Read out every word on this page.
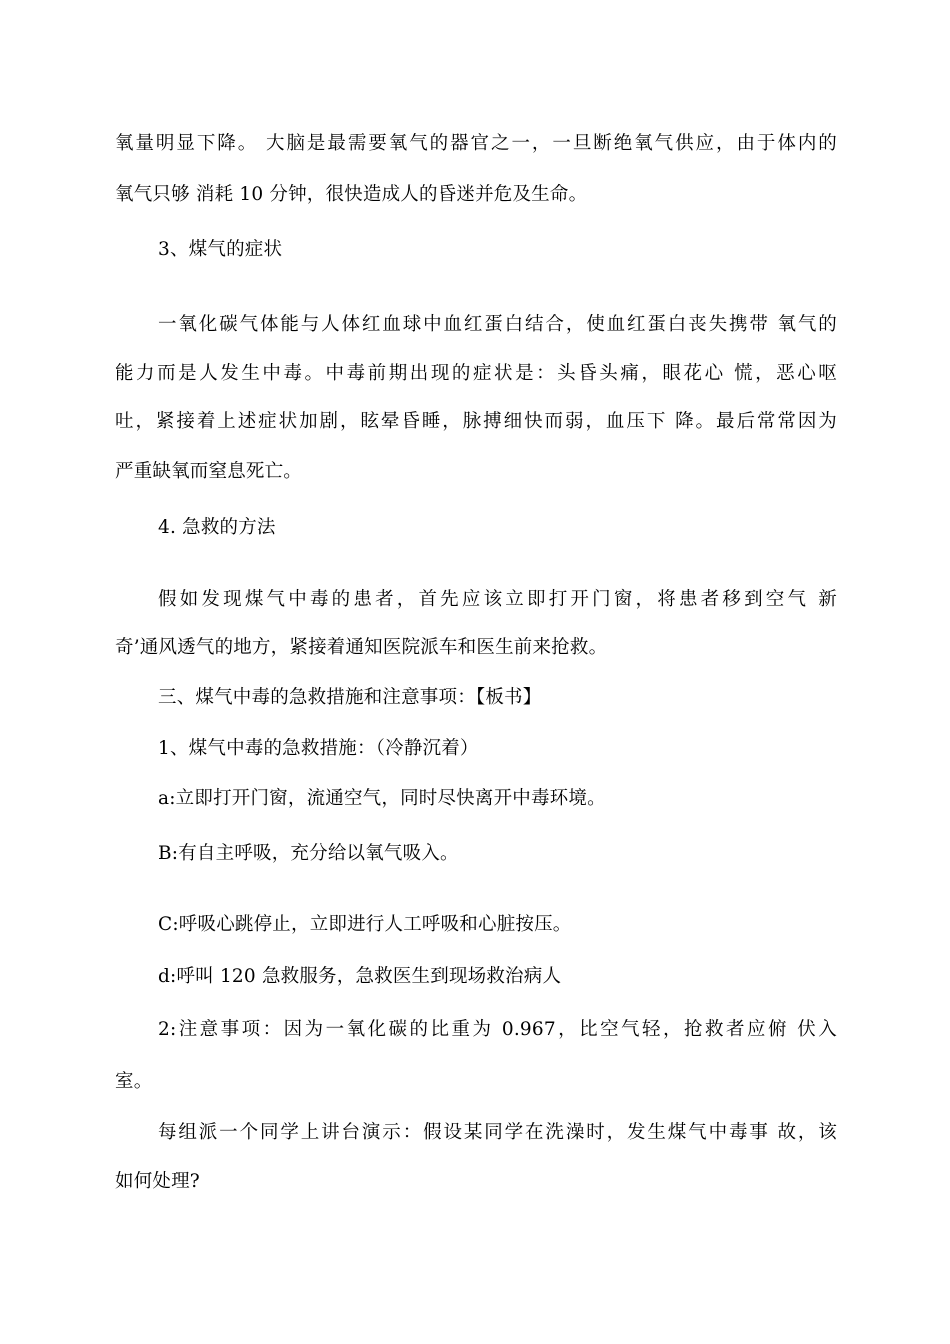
氧量明显下降。 大脑是最需要氧气的器官之一，一旦断绝氧气供应，由于体内的
氧气只够 消耗 10 分钟，很快造成人的昏迷并危及生命。
3、煤气的症状
一氧化碳气体能与人体红血球中血红蛋白结合，使血红蛋白丧失携带 氧气的
能力而是人发生中毒。中毒前期出现的症状是：头昏头痛，眼花心 慌，恶心呕
吐，紧接着上述症状加剧，眩晕昏睡，脉搏细快而弱，血压下 降。最后常常因为
严重缺氧而窒息死亡。
4. 急救的方法
假如发现煤气中毒的患者，首先应该立即打开门窗，将患者移到空气 新
奇’通风透气的地方，紧接着通知医院派车和医生前来抢救。
三、煤气中毒的急救措施和注意事项：【板书】
1、煤气中毒的急救措施：（冷静沉着）
a:立即打开门窗，流通空气，同时尽快离开中毒环境。
B:有自主呼吸，充分给以氧气吸入。
C:呼吸心跳停止，立即进行人工呼吸和心脏按压。
d:呼叫 120 急救服务，急救医生到现场救治病人
2:注意事项：因为一氧化碳的比重为 0.967，比空气轻，抢救者应俯 伏入
室。
每组派一个同学上讲台演示：假设某同学在洗澡时，发生煤气中毒事 故，该
如何处理?
